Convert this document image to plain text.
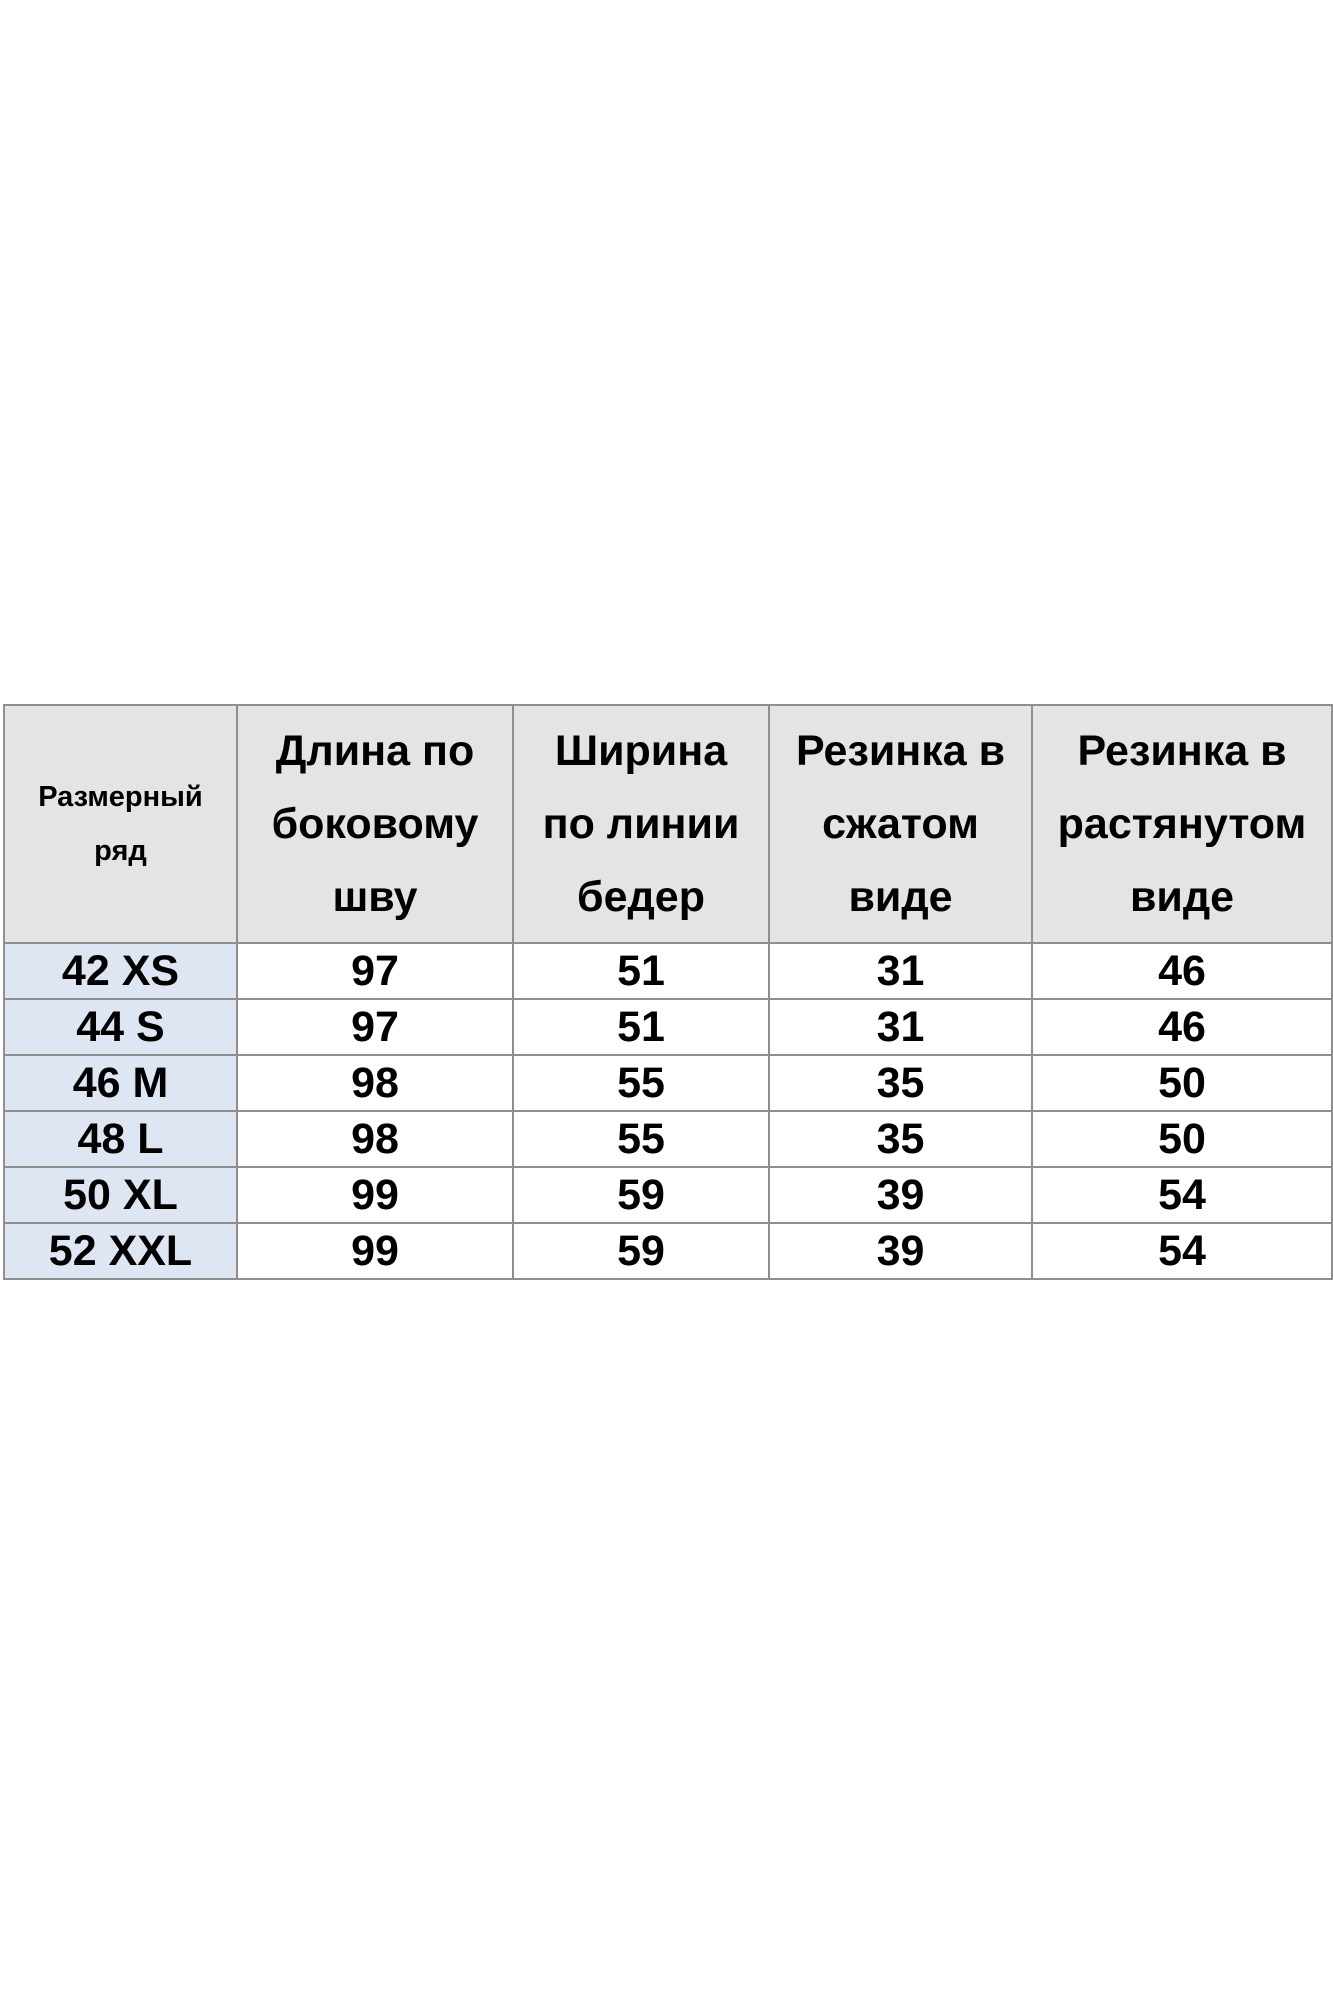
Размерный
ряд	Длина по
боковому
шву	Ширина
по линии
бедер	Резинка в
сжатом
виде	Резинка в
растянутом
виде

42 XS	97	51	31	46
44 S	97	51	31	46
46 M	98	55	35	50
48 L	98	55	35	50
50 XL	99	59	39	54
52 XXL	99	59	39	54
